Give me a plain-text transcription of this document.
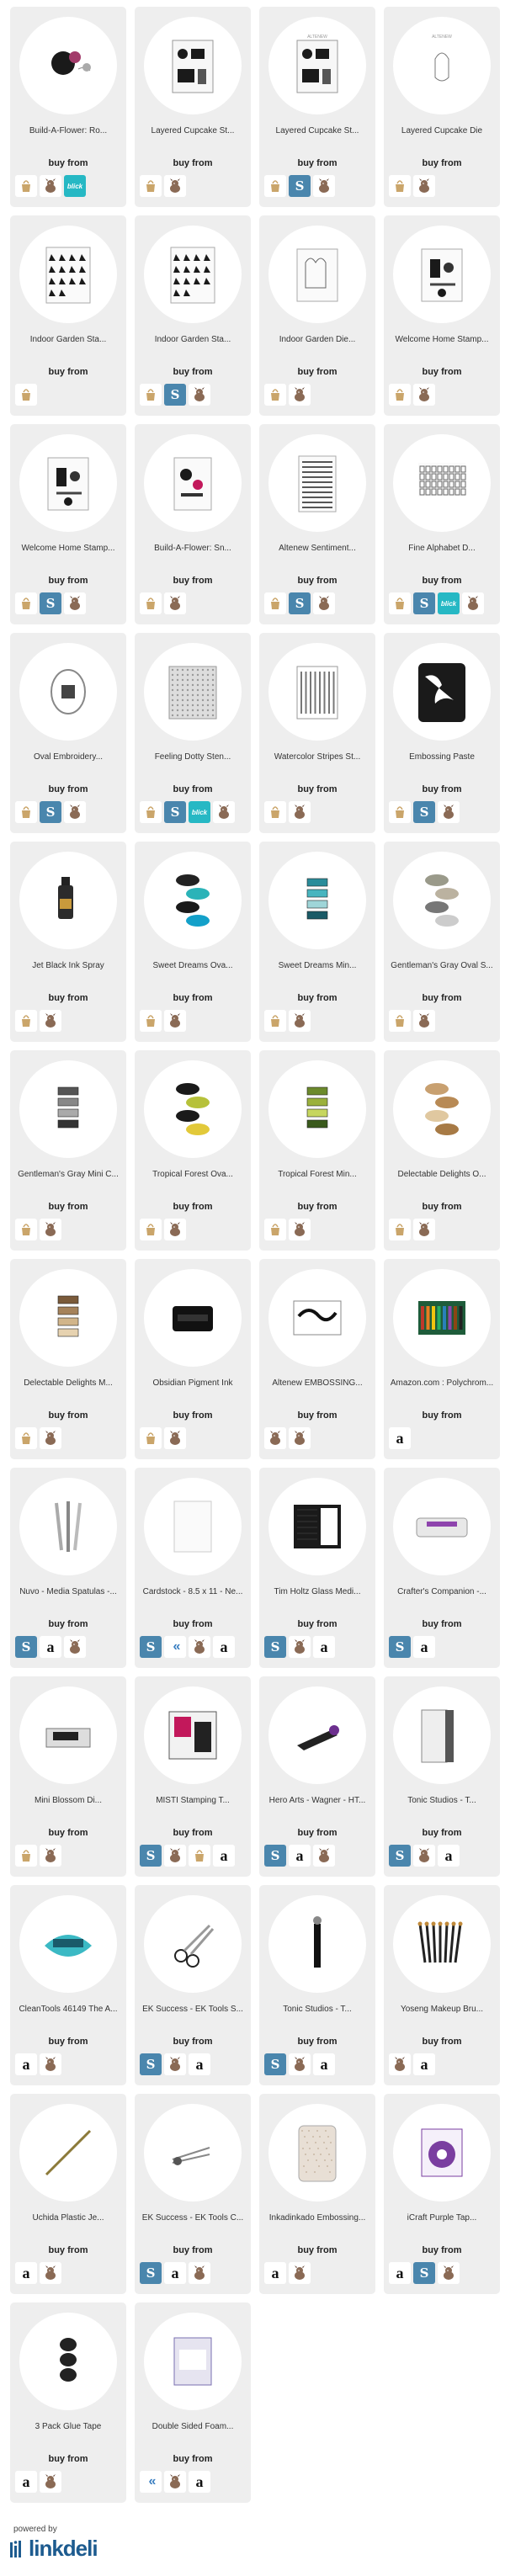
Build-A-Flower: Ro...
buy from
blick
Layered Cupcake St...
buy from
ALTENEW
Layered Cupcake St...
buy from
S
ALTENEW
Layered Cupcake Die
buy from
Indoor Garden Sta...
buy from
Indoor Garden Sta...
buy from
S
Indoor Garden Die...
buy from
Welcome Home Stamp...
buy from
Welcome Home Stamp...
buy from
S
Build-A-Flower: Sn...
buy from
Altenew Sentiment...
buy from
S
Fine Alphabet D...
buy from
S	blick
Oval Embroidery...
buy from
S
Feeling Dotty Sten...
buy from
S	blick
Watercolor Stripes St...
buy from
Embossing Paste
buy from
S
Jet Black Ink Spray
buy from
Sweet Dreams Ova...
buy from
Sweet Dreams Min...
buy from
Gentleman's Gray Oval S...
buy from
Gentleman's Gray Mini C...
buy from
Tropical Forest Ova...
buy from
Tropical Forest Min...
buy from
Delectable Delights O...
buy from
Delectable Delights M...
buy from
Obsidian Pigment Ink
buy from
Altenew EMBOSSING...
buy from
Amazon.com : Polychrom...
buy from
a
Nuvo - Media Spatulas -...
buy from
S	a
Cardstock - 8.5 x 11 - Ne...
buy from
S	«	a
Tim Holtz Glass Medi...
buy from
S	a
Crafter's Companion -...
buy from
S	a
Mini Blossom Di...
buy from
MISTI Stamping T...
buy from
S	a
Hero Arts - Wagner - HT...
buy from
S	a
Tonic Studios - T...
buy from
S	a
CleanTools 46149 The A...
buy from
a
EK Success - EK Tools S...
buy from
S	a
Tonic Studios - T...
buy from
S	a
Yoseng Makeup Bru...
buy from
a
Uchida Plastic Je...
buy from
a
EK Success - EK Tools C...
buy from
S	a
Inkadinkado Embossing...
buy from
a
iCraft Purple Tap...
buy from
a	S
3 Pack Glue Tape
buy from
a
Double Sided Foam...
buy from
«	a
powered by
linkdeli
